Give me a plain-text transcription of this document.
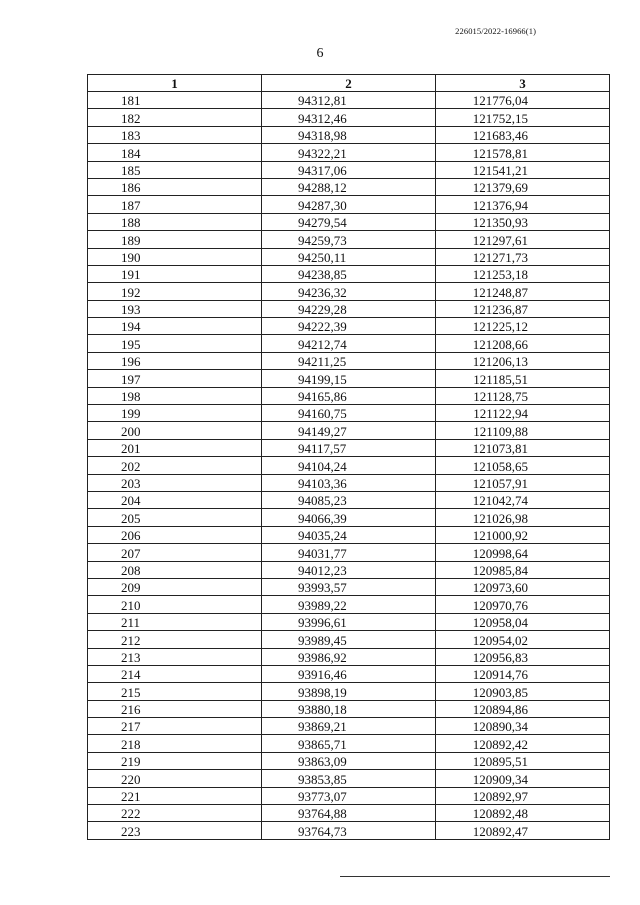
226015/2022-16966(1)
6
1	2	3
181	94312,81	121776,04
182	94312,46	121752,15
183	94318,98	121683,46
184	94322,21	121578,81
185	94317,06	121541,21
186	94288,12	121379,69
187	94287,30	121376,94
188	94279,54	121350,93
189	94259,73	121297,61
190	94250,11	121271,73
191	94238,85	121253,18
192	94236,32	121248,87
193	94229,28	121236,87
194	94222,39	121225,12
195	94212,74	121208,66
196	94211,25	121206,13
197	94199,15	121185,51
198	94165,86	121128,75
199	94160,75	121122,94
200	94149,27	121109,88
201	94117,57	121073,81
202	94104,24	121058,65
203	94103,36	121057,91
204	94085,23	121042,74
205	94066,39	121026,98
206	94035,24	121000,92
207	94031,77	120998,64
208	94012,23	120985,84
209	93993,57	120973,60
210	93989,22	120970,76
211	93996,61	120958,04
212	93989,45	120954,02
213	93986,92	120956,83
214	93916,46	120914,76
215	93898,19	120903,85
216	93880,18	120894,86
217	93869,21	120890,34
218	93865,71	120892,42
219	93863,09	120895,51
220	93853,85	120909,34
221	93773,07	120892,97
222	93764,88	120892,48
223	93764,73	120892,47
